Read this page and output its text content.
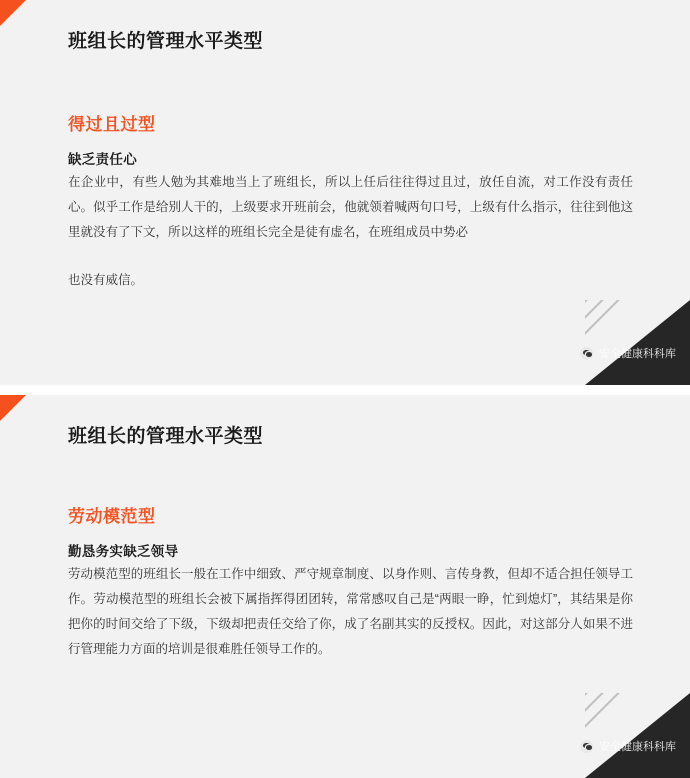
班组长的管理水平类型
得过且过型
缺乏责任心
在企业中，有些人勉为其难地当上了班组长，所以上任后往往得过且过，放任自流，对工作没有责任心。似乎工作是给别人干的，上级要求开班前会，他就领着喊两句口号，上级有什么指示，往往到他这里就没有了下文，所以这样的班组长完全是徒有虚名，在班组成员中势必
也没有威信。
安全健康科科库
班组长的管理水平类型
劳动模范型
勤恳务实缺乏领导
劳动模范型的班组长一般在工作中细致、严守规章制度、以身作则、言传身教，但却不适合担任领导工作。劳动模范型的班组长会被下属指挥得团团转，常常感叹自己是“两眼一睁，忙到熄灯”，其结果是你把你的时间交给了下级，下级却把责任交给了你，成了名副其实的反授权。因此，对这部分人如果不进行管理能力方面的培训是很难胜任领导工作的。
安全健康科科库
